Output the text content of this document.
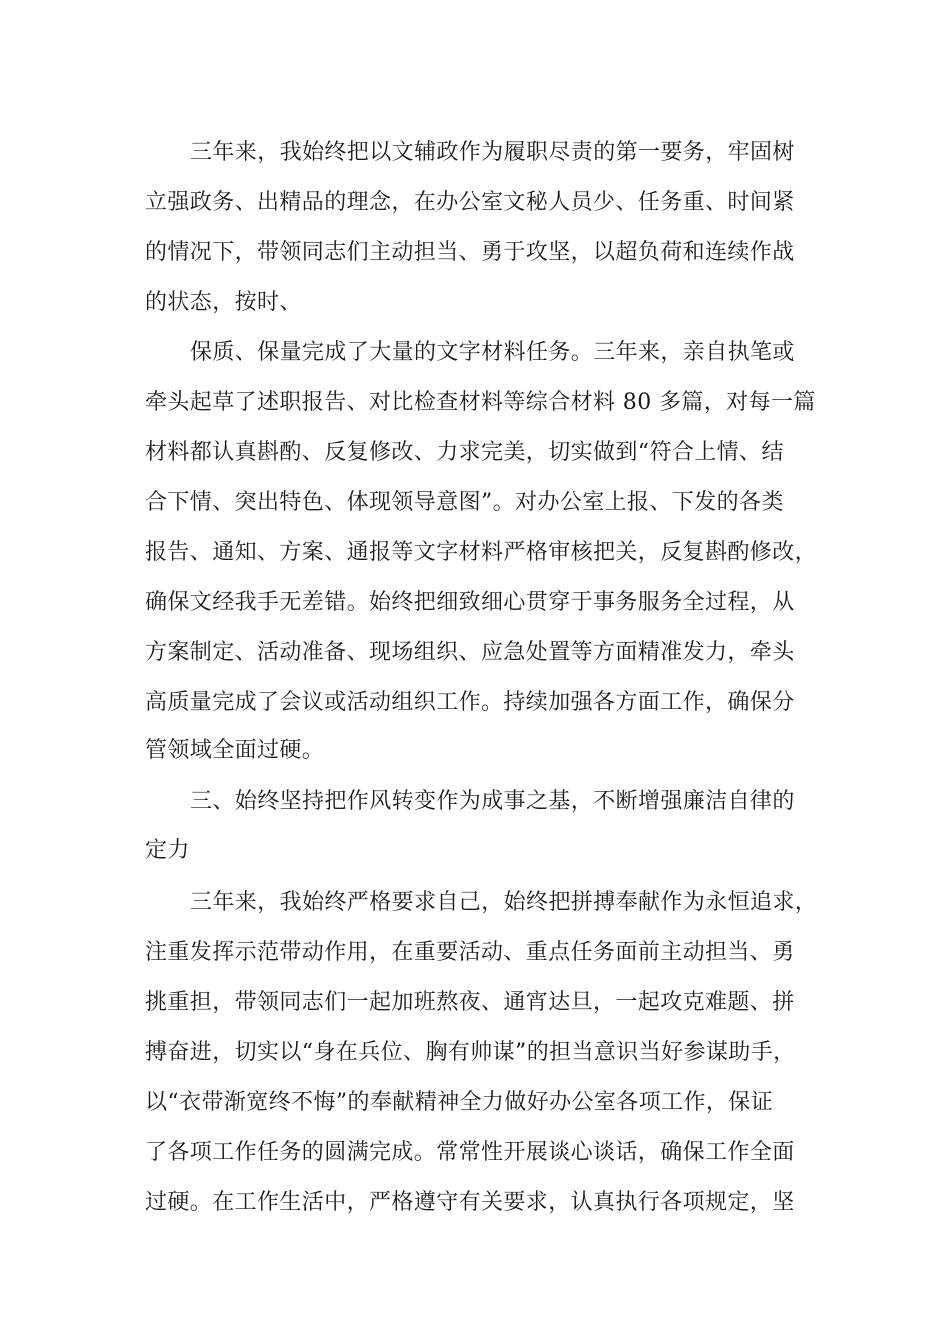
三年来，我始终把以文辅政作为履职尽责的第一要务，牢固树
立强政务、出精品的理念，在办公室文秘人员少、任务重、时间紧
的情况下，带领同志们主动担当、勇于攻坚，以超负荷和连续作战
的状态，按时、
保质、保量完成了大量的文字材料任务。三年来，亲自执笔或
牵头起草了述职报告、对比检查材料等综合材料 80 多篇，对每一篇
材料都认真斟酌、反复修改、力求完美，切实做到“符合上情、结
合下情、突出特色、体现领导意图”。对办公室上报、下发的各类
报告、通知、方案、通报等文字材料严格审核把关，反复斟酌修改，
确保文经我手无差错。始终把细致细心贯穿于事务服务全过程，从
方案制定、活动准备、现场组织、应急处置等方面精准发力，牵头
高质量完成了会议或活动组织工作。持续加强各方面工作，确保分
管领域全面过硬。
三、始终坚持把作风转变作为成事之基，不断增强廉洁自律的
定力
三年来，我始终严格要求自己，始终把拼搏奉献作为永恒追求，
注重发挥示范带动作用，在重要活动、重点任务面前主动担当、勇
挑重担，带领同志们一起加班熬夜、通宵达旦，一起攻克难题、拼
搏奋进，切实以“身在兵位、胸有帅谋”的担当意识当好参谋助手，
以“衣带渐宽终不悔”的奉献精神全力做好办公室各项工作，保证
了各项工作任务的圆满完成。常常性开展谈心谈话，确保工作全面
过硬。在工作生活中，严格遵守有关要求，认真执行各项规定，坚
